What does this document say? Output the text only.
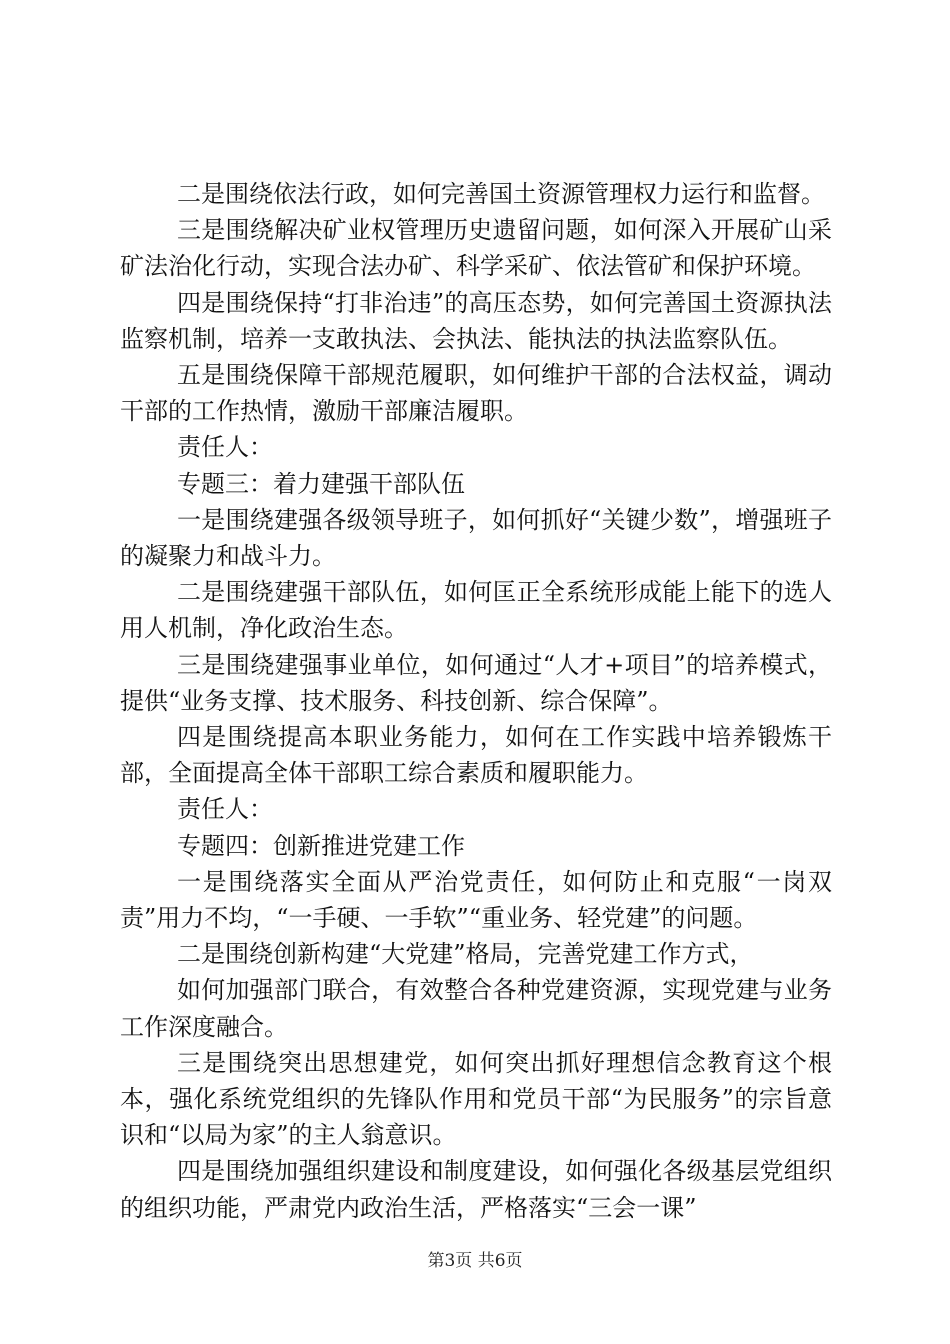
二是围绕依法行政，如何完善国土资源管理权力运行和监督。

三是围绕解决矿业权管理历史遗留问题，如何深入开展矿山采矿法治化行动，实现合法办矿、科学采矿、依法管矿和保护环境。

四是围绕保持“打非治违”的高压态势，如何完善国土资源执法监察机制，培养一支敢执法、会执法、能执法的执法监察队伍。

五是围绕保障干部规范履职，如何维护干部的合法权益，调动干部的工作热情，激励干部廉洁履职。

责任人：

专题三：着力建强干部队伍

一是围绕建强各级领导班子，如何抓好“关键少数”，增强班子的凝聚力和战斗力。

二是围绕建强干部队伍，如何匡正全系统形成能上能下的选人用人机制，净化政治生态。

三是围绕建强事业单位，如何通过“人才+项目”的培养模式，提供“业务支撑、技术服务、科技创新、综合保障”。

四是围绕提高本职业务能力，如何在工作实践中培养锻炼干部，全面提高全体干部职工综合素质和履职能力。

责任人：

专题四：创新推进党建工作

一是围绕落实全面从严治党责任，如何防止和克服“一岗双责”用力不均，“一手硬、一手软”“重业务、轻党建”的问题。

二是围绕创新构建“大党建”格局，完善党建工作方式，

如何加强部门联合，有效整合各种党建资源，实现党建与业务工作深度融合。

三是围绕突出思想建党，如何突出抓好理想信念教育这个根本，强化系统党组织的先锋队作用和党员干部“为民服务”的宗旨意识和“以局为家”的主人翁意识。

四是围绕加强组织建设和制度建设，如何强化各级基层党组织的组织功能，严肃党内政治生活，严格落实“三会一课”

第3页 共6页
